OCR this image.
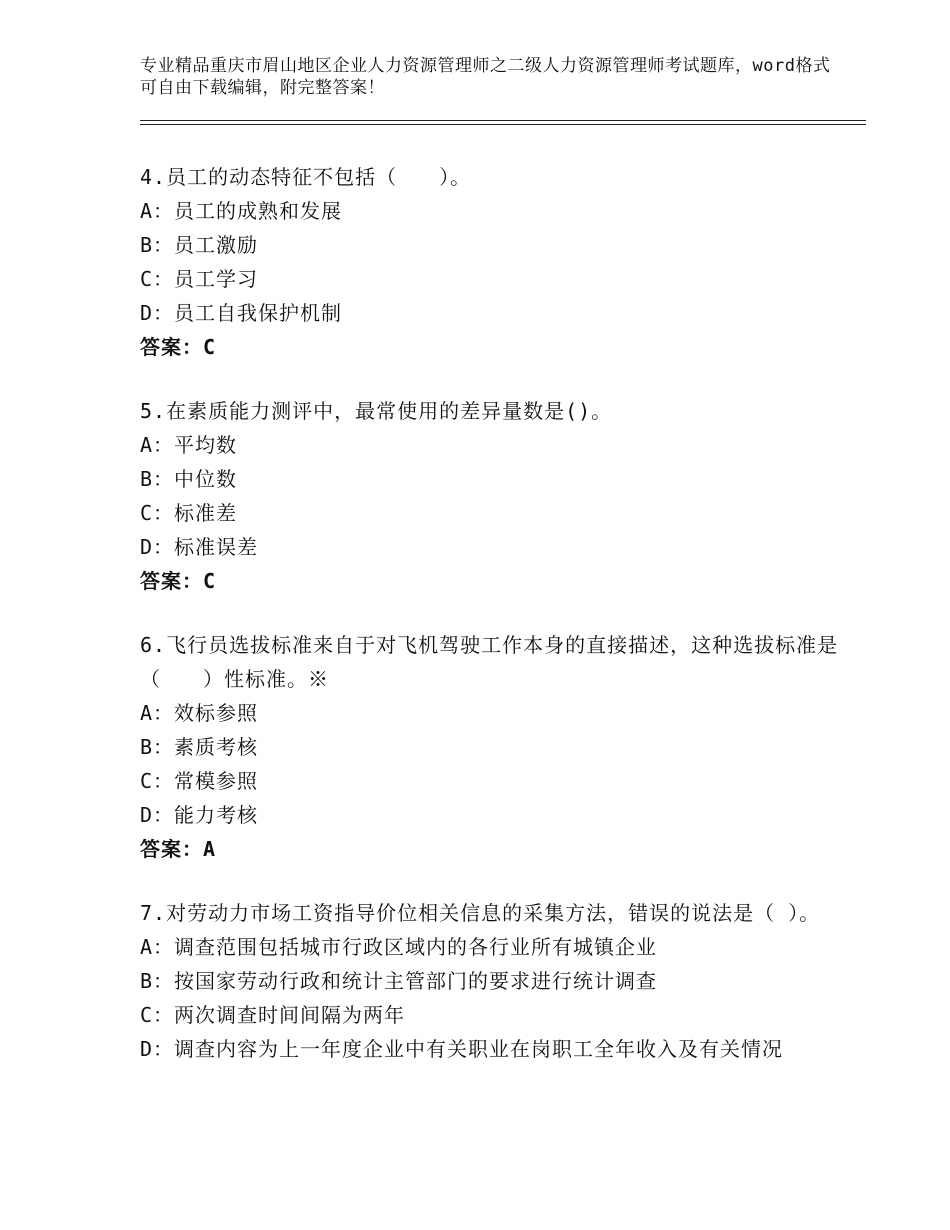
专业精品重庆市眉山地区企业人力资源管理师之二级人力资源管理师考试题库，word格式可自由下载编辑，附完整答案！
4.员工的动态特征不包括（　　）。
A：员工的成熟和发展
B：员工激励
C：员工学习
D：员工自我保护机制
答案：C
5.在素质能力测评中，最常使用的差异量数是()。
A：平均数
B：中位数
C：标准差
D：标准误差
答案：C
6.飞行员选拔标准来自于对飞机驾驶工作本身的直接描述，这种选拔标准是（　　）性标准。※
A：效标参照
B：素质考核
C：常模参照
D：能力考核
答案：A
7.对劳动力市场工资指导价位相关信息的采集方法，错误的说法是（ ）。
A：调查范围包括城市行政区域内的各行业所有城镇企业
B：按国家劳动行政和统计主管部门的要求进行统计调查
C：两次调查时间间隔为两年
D：调查内容为上一年度企业中有关职业在岗职工全年收入及有关情况
